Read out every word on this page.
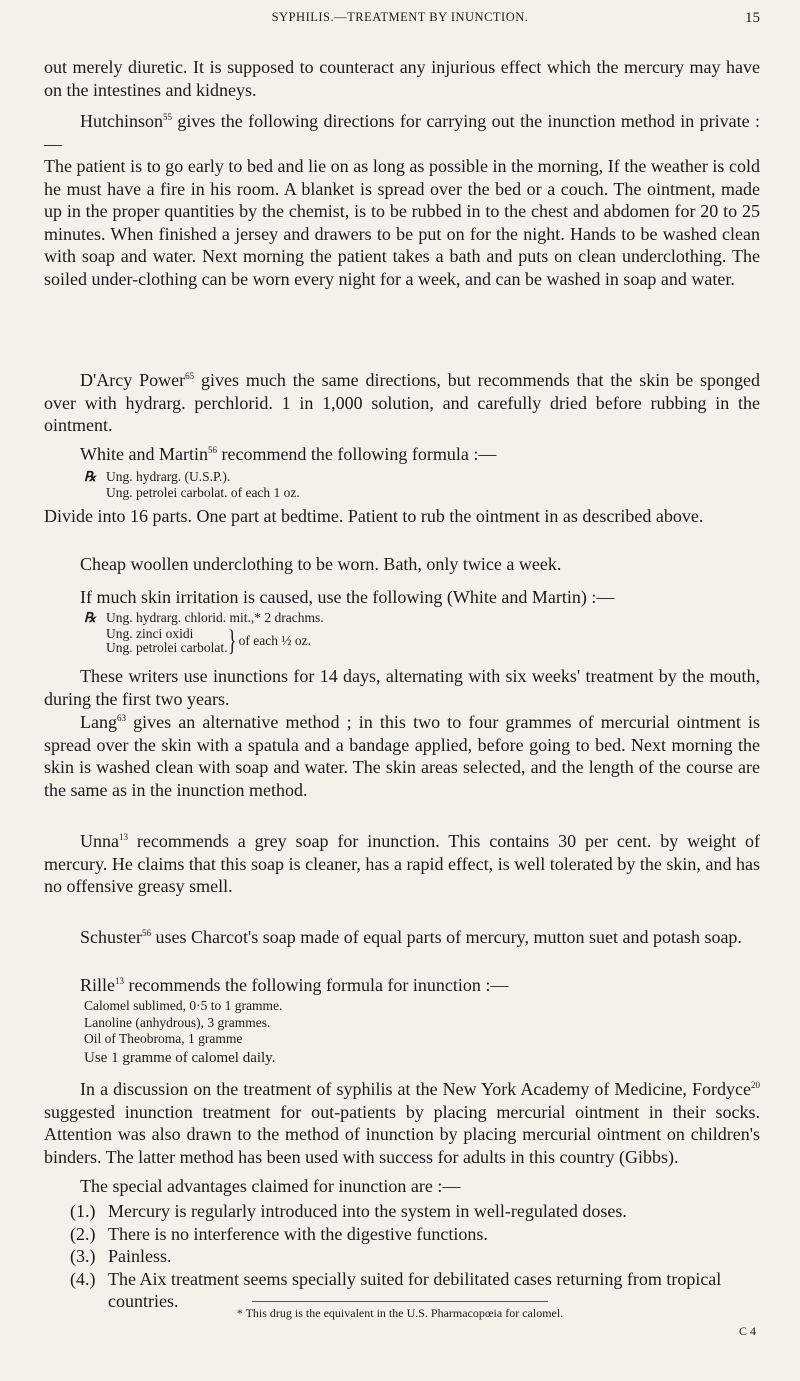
SYPHILIS.—TREATMENT BY INUNCTION.	15

out merely diuretic. It is supposed to counteract any injurious effect which the mercury may have on the intestines and kidneys.

Hutchinson$^{55}$ gives the following directions for carrying out the inunction method in private :—

The patient is to go early to bed and lie on as long as possible in the morning, If the weather is cold he must have a fire in his room. A blanket is spread over the bed or a couch. The ointment, made up in the proper quantities by the chemist, is to be rubbed in to the chest and abdomen for 20 to 25 minutes. When finished a jersey and drawers to be put on for the night. Hands to be washed clean with soap and water. Next morning the patient takes a bath and puts on clean underclothing. The soiled under-clothing can be worn every night for a week, and can be washed in soap and water.

D'Arcy Power$^{65}$ gives much the same directions, but recommends that the skin be sponged over with hydrarg. perchlorid. 1 in 1,000 solution, and carefully dried before rubbing in the ointment.

White and Martin$^{56}$ recommend the following formula :—

℞ Ung. hydrarg. (U.S.P.).
Ung. petrolei carbolat. of each 1 oz.

Divide into 16 parts. One part at bedtime. Patient to rub the ointment in as described above.

Cheap woollen underclothing to be worn. Bath, only twice a week.

If much skin irritation is caused, use the following (White and Martin) :—

℞ Ung. hydrarg. chlorid. mit.,* 2 drachms.
Ung. zinci oxidi
Ung. petrolei carbolat. } of each ½ oz.

These writers use inunctions for 14 days, alternating with six weeks' treatment by the mouth, during the first two years.

Lang$^{63}$ gives an alternative method ; in this two to four grammes of mercurial ointment is spread over the skin with a spatula and a bandage applied, before going to bed. Next morning the skin is washed clean with soap and water. The skin areas selected, and the length of the course are the same as in the inunction method.

Unna$^{13}$ recommends a grey soap for inunction. This contains 30 per cent. by weight of mercury. He claims that this soap is cleaner, has a rapid effect, is well tolerated by the skin, and has no offensive greasy smell.

Schuster$^{56}$ uses Charcot's soap made of equal parts of mercury, mutton suet and potash soap.

Rille$^{13}$ recommends the following formula for inunction :—

Calomel sublimed, 0·5 to 1 gramme.
Lanoline (anhydrous), 3 grammes.
Oil of Theobroma, 1 gramme
Use 1 gramme of calomel daily.

In a discussion on the treatment of syphilis at the New York Academy of Medicine, Fordyce$^{20}$ suggested inunction treatment for out-patients by placing mercurial ointment in their socks. Attention was also drawn to the method of inunction by placing mercurial ointment on children's binders. The latter method has been used with success for adults in this country (Gibbs).

The special advantages claimed for inunction are :—

(1.) Mercury is regularly introduced into the system in well-regulated doses.
(2.) There is no interference with the digestive functions.
(3.) Painless.
(4.) The Aix treatment seems specially suited for debilitated cases returning from tropical countries.
* This drug is the equivalent in the U.S. Pharmacopœia for calomel.
C 4
